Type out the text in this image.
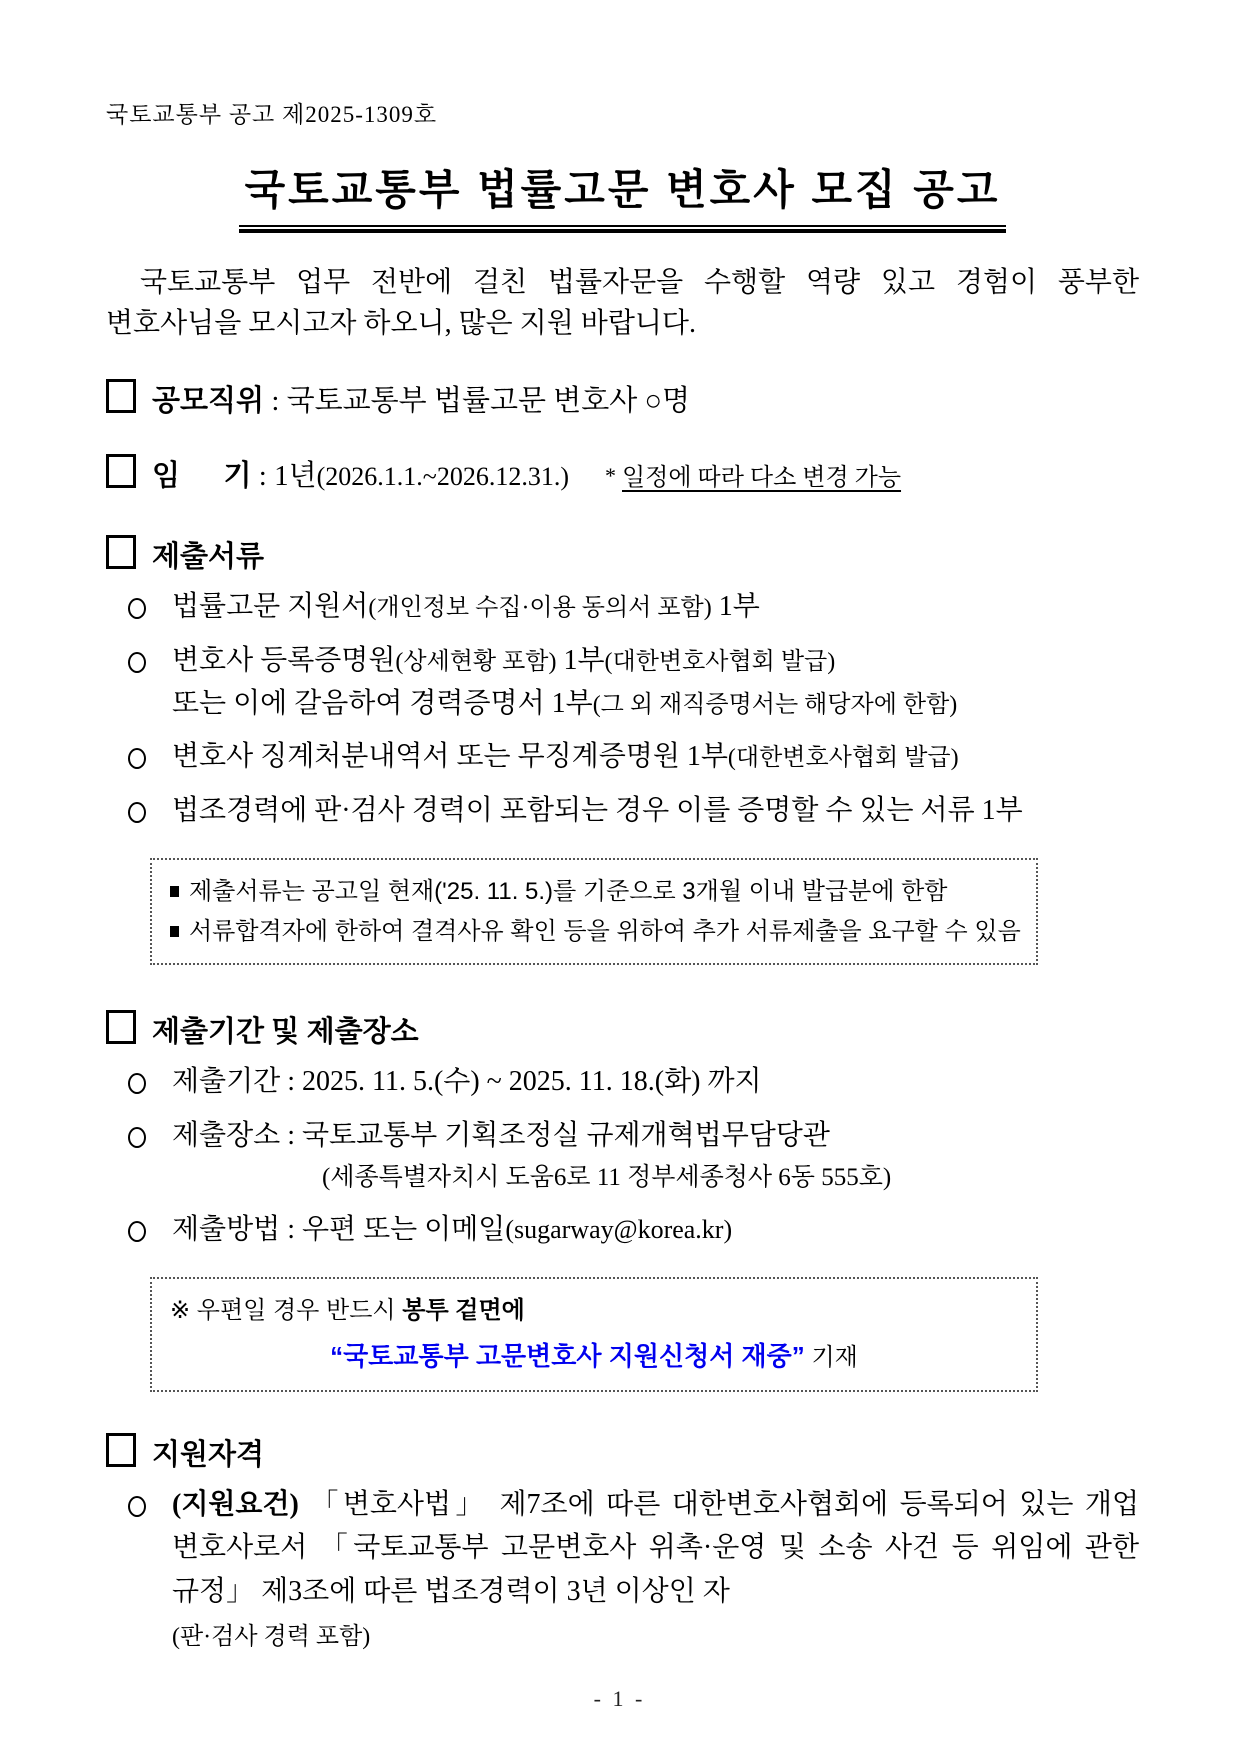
국토교통부 공고 제2025-1309호
국토교통부 법률고문 변호사 모집 공고

국토교통부 업무 전반에 걸친 법률자문을 수행할 역량 있고 경험이 풍부한 변호사님을 모시고자 하오니, 많은 지원 바랍니다.

공모직위 : 국토교통부 법률고문 변호사 ○명
임      기 : 1년(2026.1.1.~2026.12.31.) * 일정에 따라 다소 변경 가능
제출서류
법률고문 지원서(개인정보 수집·이용 동의서 포함) 1부
변호사 등록증명원(상세현황 포함) 1부(대한변호사협회 발급)
또는 이에 갈음하여 경력증명서 1부(그 외 재직증명서는 해당자에 한함)
변호사 징계처분내역서 또는 무징계증명원 1부(대한변호사협회 발급)
법조경력에 판·검사 경력이 포함되는 경우 이를 증명할 수 있는 서류 1부
제출서류는 공고일 현재('25. 11. 5.)를 기준으로 3개월 이내 발급분에 한함
서류합격자에 한하여 결격사유 확인 등을 위하여 추가 서류제출을 요구할 수 있음
제출기간 및 제출장소
제출기간 : 2025. 11. 5.(수) ~ 2025. 11. 18.(화) 까지
제출장소 : 국토교통부 기획조정실 규제개혁법무담당관
(세종특별자치시 도움6로 11 정부세종청사 6동 555호)
제출방법 : 우편 또는 이메일(sugarway@korea.kr)
※ 우편일 경우 반드시 봉투 겉면에
“국토교통부 고문변호사 지원신청서 재중” 기재
지원자격
(지원요건) 「변호사법」 제7조에 따른 대한변호사협회에 등록되어 있는 개업 변호사로서 「국토교통부 고문변호사 위촉·운영 및 소송 사건 등 위임에 관한 규정」 제3조에 따른 법조경력이 3년 이상인 자
(판·검사 경력 포함)
- 1 -
